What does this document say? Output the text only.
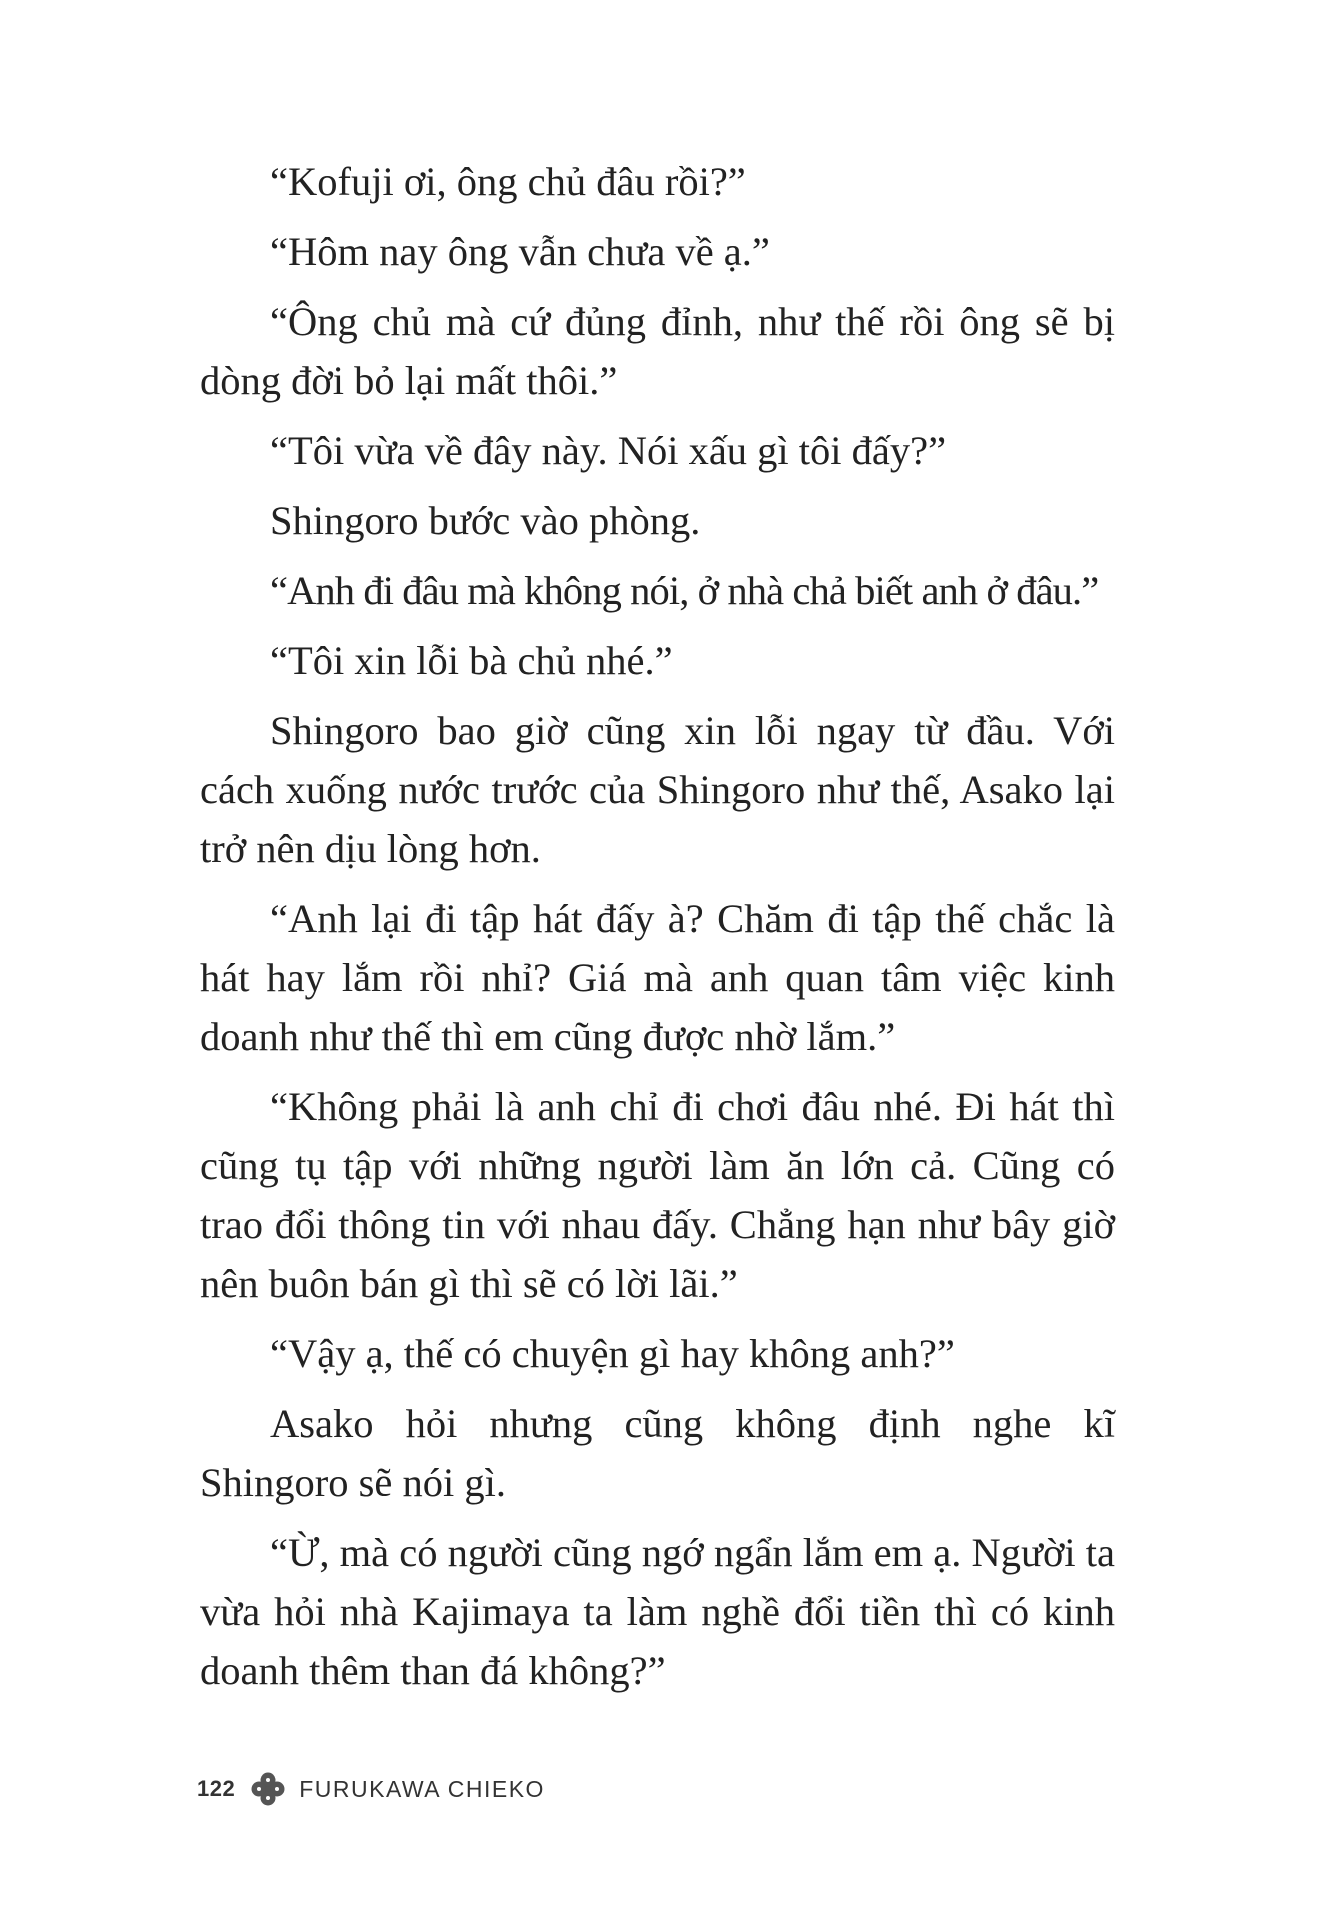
“Kofuji ơi, ông chủ đâu rồi?”

“Hôm nay ông vẫn chưa về ạ.”

“Ông chủ mà cứ đủng đỉnh, như thế rồi ông sẽ bị dòng đời bỏ lại mất thôi.”

“Tôi vừa về đây này. Nói xấu gì tôi đấy?”

Shingoro bước vào phòng.

“Anh đi đâu mà không nói, ở nhà chả biết anh ở đâu.”

“Tôi xin lỗi bà chủ nhé.”

Shingoro bao giờ cũng xin lỗi ngay từ đầu. Với cách xuống nước trước của Shingoro như thế, Asako lại trở nên dịu lòng hơn.

“Anh lại đi tập hát đấy à? Chăm đi tập thế chắc là hát hay lắm rồi nhỉ? Giá mà anh quan tâm việc kinh doanh như thế thì em cũng được nhờ lắm.”

“Không phải là anh chỉ đi chơi đâu nhé. Đi hát thì cũng tụ tập với những người làm ăn lớn cả. Cũng có trao đổi thông tin với nhau đấy. Chẳng hạn như bây giờ nên buôn bán gì thì sẽ có lời lãi.”

“Vậy ạ, thế có chuyện gì hay không anh?”

Asako hỏi nhưng cũng không định nghe kĩ Shingoro sẽ nói gì.

“Ừ, mà có người cũng ngớ ngẩn lắm em ạ. Người ta vừa hỏi nhà Kajimaya ta làm nghề đổi tiền thì có kinh doanh thêm than đá không?”

122	FURUKAWA CHIEKO
